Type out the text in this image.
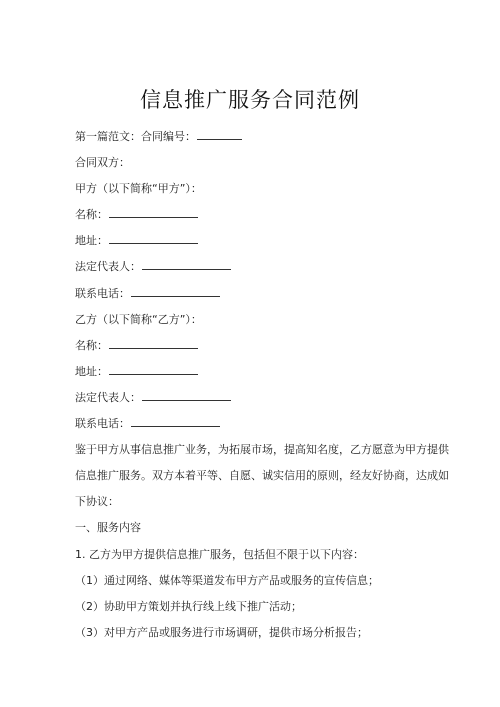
信息推广服务合同范例
第一篇范文：合同编号：
合同双方：
甲方（以下简称“甲方”）：
名称：
地址：
法定代表人：
联系电话：
乙方（以下简称“乙方”）：
名称：
地址：
法定代表人：
联系电话：
鉴于甲方从事信息推广业务，为拓展市场，提高知名度，乙方愿意为甲方提供
信息推广服务。双方本着平等、自愿、诚实信用的原则，经友好协商，达成如
下协议：
一、服务内容
1. 乙方为甲方提供信息推广服务，包括但不限于以下内容：
（1）通过网络、媒体等渠道发布甲方产品或服务的宣传信息；
（2）协助甲方策划并执行线上线下推广活动；
（3）对甲方产品或服务进行市场调研，提供市场分析报告；
